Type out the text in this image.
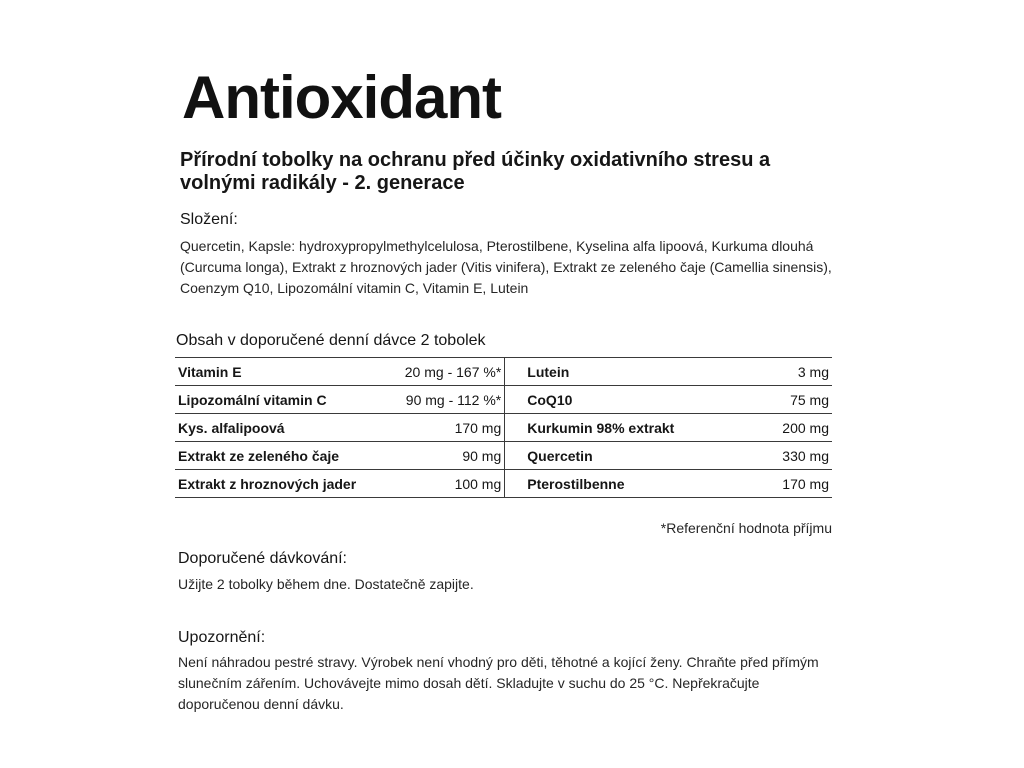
Antioxidant
Přírodní tobolky na ochranu před účinky oxidativního stresu a volnými radikály - 2. generace
Složení:
Quercetin, Kapsle: hydroxypropylmethylcelulosa, Pterostilbene, Kyselina alfa lipoová, Kurkuma dlouhá (Curcuma longa), Extrakt z hroznových jader (Vitis vinifera), Extrakt ze zeleného čaje (Camellia sinensis), Coenzym Q10, Lipozomální vitamin C, Vitamin E, Lutein
Obsah v doporučené denní dávce 2 tobolek
Vitamin E	20 mg - 167 %*	Lutein	3 mg
Lipozomální vitamin C	90 mg - 112 %*	CoQ10	75 mg
Kys. alfalipoová	170 mg	Kurkumin 98% extrakt	200 mg
Extrakt ze zeleného čaje	90 mg	Quercetin	330 mg
Extrakt z hroznových jader	100 mg	Pterostilbenne	170 mg
*Referenční hodnota příjmu
Doporučené dávkování:
Užijte 2 tobolky během dne. Dostatečně zapijte.
Upozornění:
Není náhradou pestré stravy. Výrobek není vhodný pro děti, těhotné a kojící ženy. Chraňte před přímým slunečním zářením. Uchovávejte mimo dosah dětí. Skladujte v suchu do 25 °C. Nepřekračujte doporučenou denní dávku.
